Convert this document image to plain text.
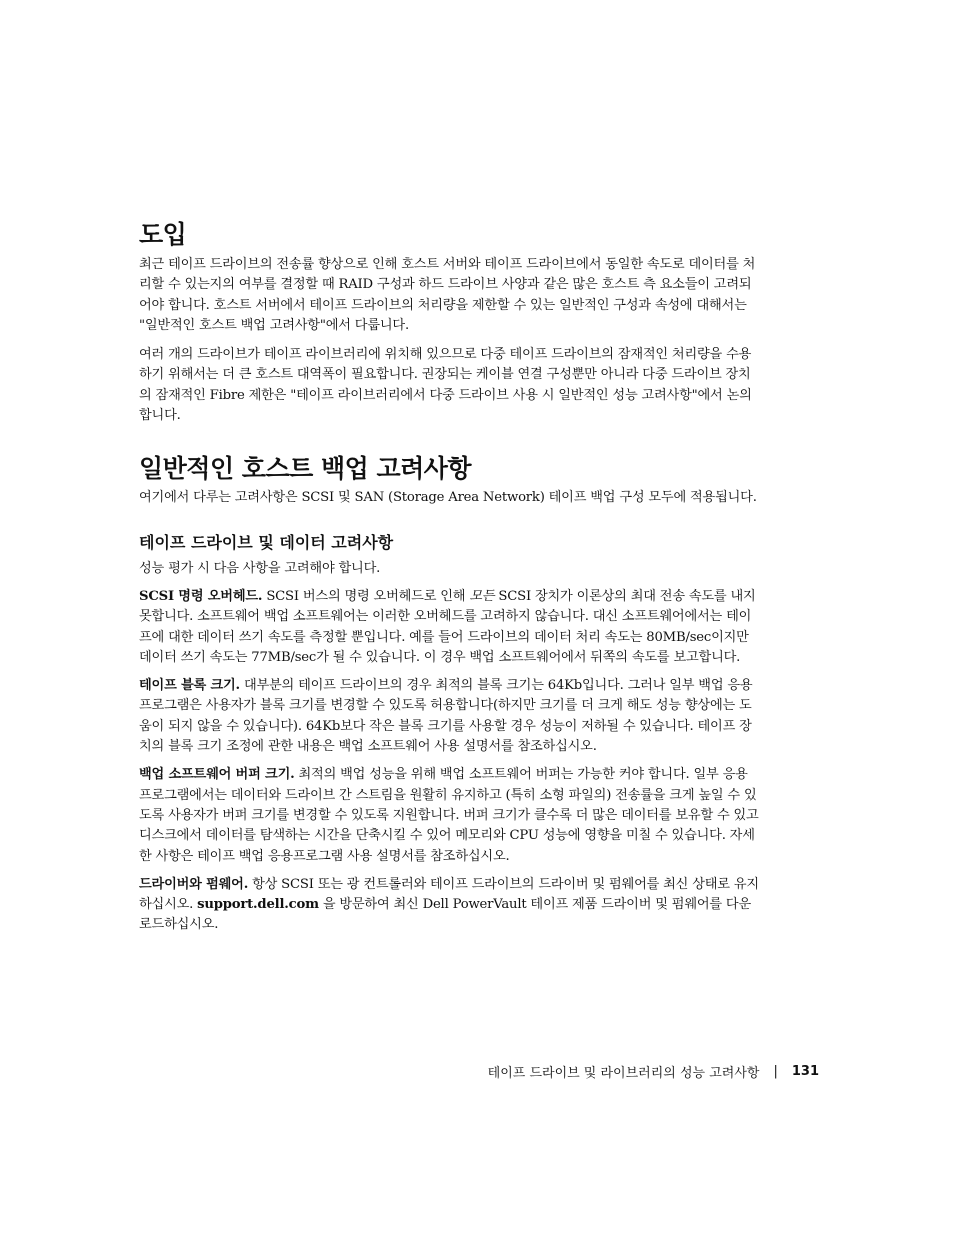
도입

최근 테이프 드라이브의 전송률 향상으로 인해 호스트 서버와 테이프 드라이브에서 동일한 속도로 데이터를 처리할 수 있는지의 여부를 결정할 때 RAID 구성과 하드 드라이브 사양과 같은 많은 호스트 측 요소들이 고려되어야 합니다. 호스트 서버에서 테이프 드라이브의 처리량을 제한할 수 있는 일반적인 구성과 속성에 대해서는 "일반적인 호스트 백업 고려사항"에서 다룹니다.

여러 개의 드라이브가 테이프 라이브러리에 위치해 있으므로 다중 테이프 드라이브의 잠재적인 처리량을 수용하기 위해서는 더 큰 호스트 대역폭이 필요합니다. 권장되는 케이블 연결 구성뿐만 아니라 다중 드라이브 장치의 잠재적인 Fibre 제한은 "테이프 라이브러리에서 다중 드라이브 사용 시 일반적인 성능 고려사항"에서 논의합니다.

일반적인 호스트 백업 고려사항

여기에서 다루는 고려사항은 SCSI 및 SAN (Storage Area Network) 테이프 백업 구성 모두에 적용됩니다.

테이프 드라이브 및 데이터 고려사항

성능 평가 시 다음 사항을 고려해야 합니다.

SCSI 명령 오버헤드. SCSI 버스의 명령 오버헤드로 인해 모든 SCSI 장치가 이론상의 최대 전송 속도를 내지 못합니다. 소프트웨어 백업 소프트웨어는 이러한 오버헤드를 고려하지 않습니다. 대신 소프트웨어에서는 테이프에 대한 데이터 쓰기 속도를 측정할 뿐입니다. 예를 들어 드라이브의 데이터 처리 속도는 80MB/sec이지만 데이터 쓰기 속도는 77MB/sec가 될 수 있습니다. 이 경우 백업 소프트웨어에서 뒤쪽의 속도를 보고합니다.

테이프 블록 크기. 대부분의 테이프 드라이브의 경우 최적의 블록 크기는 64Kb입니다. 그러나 일부 백업 응용프로그램은 사용자가 블록 크기를 변경할 수 있도록 허용합니다(하지만 크기를 더 크게 해도 성능 향상에는 도움이 되지 않을 수 있습니다). 64Kb보다 작은 블록 크기를 사용할 경우 성능이 저하될 수 있습니다. 테이프 장치의 블록 크기 조정에 관한 내용은 백업 소프트웨어 사용 설명서를 참조하십시오.

백업 소프트웨어 버퍼 크기. 최적의 백업 성능을 위해 백업 소프트웨어 버퍼는 가능한 커야 합니다. 일부 응용프로그램에서는 데이터와 드라이브 간 스트림을 원활히 유지하고 (특히 소형 파일의) 전송률을 크게 높일 수 있도록 사용자가 버퍼 크기를 변경할 수 있도록 지원합니다. 버퍼 크기가 클수록 더 많은 데이터를 보유할 수 있고 디스크에서 데이터를 탐색하는 시간을 단축시킬 수 있어 메모리와 CPU 성능에 영향을 미칠 수 있습니다. 자세한 사항은 테이프 백업 응용프로그램 사용 설명서를 참조하십시오.

드라이버와 펌웨어. 항상 SCSI 또는 광 컨트롤러와 테이프 드라이브의 드라이버 및 펌웨어를 최신 상태로 유지하십시오. support.dell.com 을 방문하여 최신 Dell PowerVault 테이프 제품 드라이버 및 펌웨어를 다운로드하십시오.

테이프 드라이브 및 라이브러리의 성능 고려사항 | 131
